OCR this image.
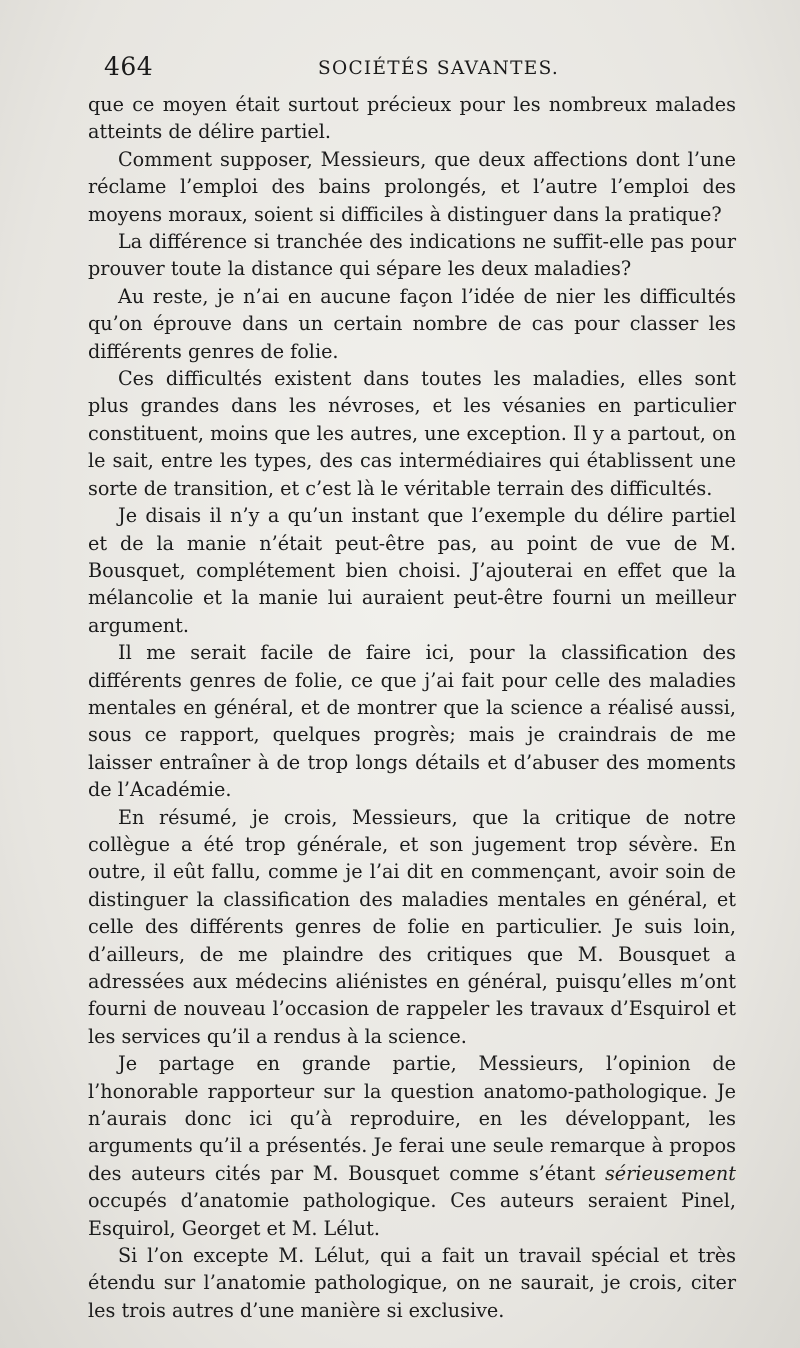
464	SOCIÉTÉS SAVANTES.

que ce moyen était surtout précieux pour les nombreux malades atteints de délire partiel.

Comment supposer, Messieurs, que deux affections dont l’une réclame l’emploi des bains prolongés, et l’autre l’emploi des moyens moraux, soient si difficiles à distinguer dans la pratique?

La différence si tranchée des indications ne suffit-elle pas pour prouver toute la distance qui sépare les deux maladies?

Au reste, je n’ai en aucune façon l’idée de nier les difficultés qu’on éprouve dans un certain nombre de cas pour classer les différents genres de folie.

Ces difficultés existent dans toutes les maladies, elles sont plus grandes dans les névroses, et les vésanies en particulier constituent, moins que les autres, une exception. Il y a partout, on le sait, entre les types, des cas intermédiaires qui établissent une sorte de transition, et c’est là le véritable terrain des difficultés.

Je disais il n’y a qu’un instant que l’exemple du délire partiel et de la manie n’était peut-être pas, au point de vue de M. Bousquet, complétement bien choisi. J’ajouterai en effet que la mélancolie et la manie lui auraient peut-être fourni un meilleur argument.

Il me serait facile de faire ici, pour la classification des différents genres de folie, ce que j’ai fait pour celle des maladies mentales en général, et de montrer que la science a réalisé aussi, sous ce rapport, quelques progrès; mais je craindrais de me laisser entraîner à de trop longs détails et d’abuser des moments de l’Académie.

En résumé, je crois, Messieurs, que la critique de notre collègue a été trop générale, et son jugement trop sévère. En outre, il eût fallu, comme je l’ai dit en commençant, avoir soin de distinguer la classification des maladies mentales en général, et celle des différents genres de folie en particulier. Je suis loin, d’ailleurs, de me plaindre des critiques que M. Bousquet a adressées aux médecins aliénistes en général, puisqu’elles m’ont fourni de nouveau l’occasion de rappeler les travaux d’Esquirol et les services qu’il a rendus à la science.

Je partage en grande partie, Messieurs, l’opinion de l’honorable rapporteur sur la question anatomo-pathologique. Je n’aurais donc ici qu’à reproduire, en les développant, les arguments qu’il a présentés. Je ferai une seule remarque à propos des auteurs cités par M. Bousquet comme s’étant sérieusement occupés d’anatomie pathologique. Ces auteurs seraient Pinel, Esquirol, Georget et M. Lélut.

Si l’on excepte M. Lélut, qui a fait un travail spécial et très étendu sur l’anatomie pathologique, on ne saurait, je crois, citer les trois autres d’une manière si exclusive.
